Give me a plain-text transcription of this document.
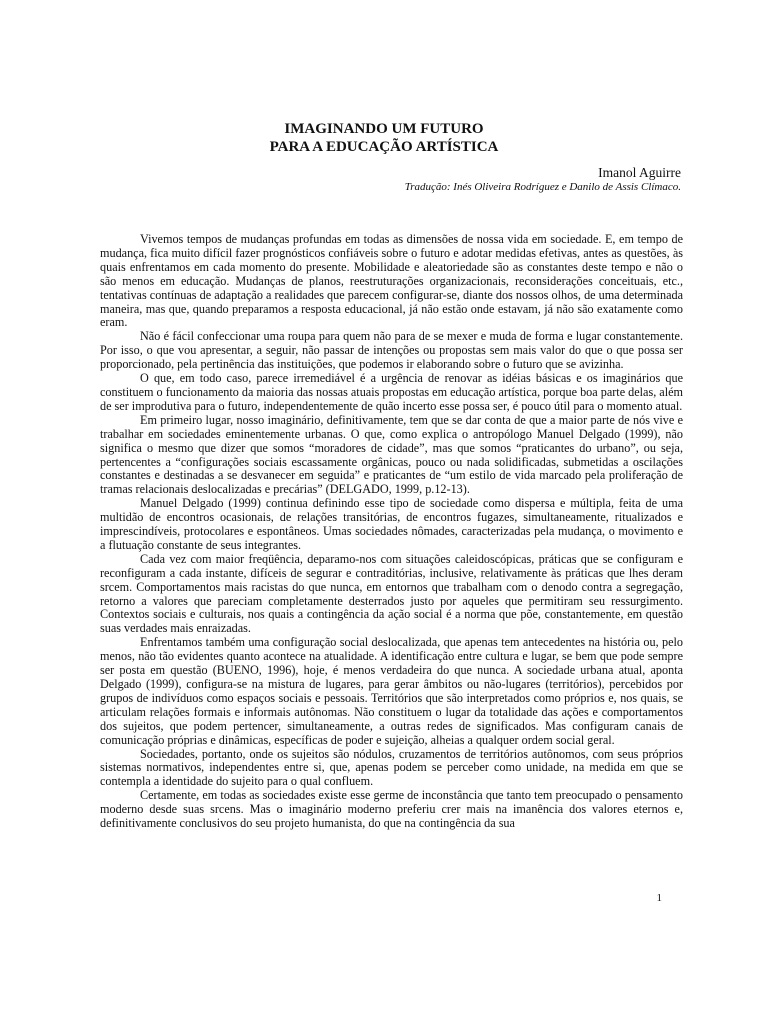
IMAGINANDO UM FUTURO
PARA A EDUCAÇÃO ARTÍSTICA
Imanol Aguirre
Tradução: Inés Oliveira Rodríguez e Danilo de Assis Clímaco.

Vivemos tempos de mudanças profundas em todas as dimensões de nossa vida em sociedade. E, em tempo de mudança, fica muito difícil fazer prognósticos confiáveis sobre o futuro e adotar medidas efetivas, antes as questões, às quais enfrentamos em cada momento do presente. Mobilidade e aleatoriedade são as constantes deste tempo e não o são menos em educação. Mudanças de planos, reestruturações organizacionais, reconsiderações conceituais, etc., tentativas contínuas de adaptação a realidades que parecem configurar-se, diante dos nossos olhos, de uma determinada maneira, mas que, quando preparamos a resposta educacional, já não estão onde estavam, já não são exatamente como eram.

Não é fácil confeccionar uma roupa para quem não para de se mexer e muda de forma e lugar constantemente. Por isso, o que vou apresentar, a seguir, não passar de intenções ou propostas sem mais valor do que o que possa ser proporcionado, pela pertinência das instituições, que podemos ir elaborando sobre o futuro que se avizinha.

O que, em todo caso, parece irremediável é a urgência de renovar as idéias básicas e os imaginários que constituem o funcionamento da maioria das nossas atuais propostas em educação artística, porque boa parte delas, além de ser improdutiva para o futuro, independentemente de quão incerto esse possa ser, é pouco útil para o momento atual.

Em primeiro lugar, nosso imaginário, definitivamente, tem que se dar conta de que a maior parte de nós vive e trabalhar em sociedades eminentemente urbanas. O que, como explica o antropólogo Manuel Delgado (1999), não significa o mesmo que dizer que somos “moradores de cidade”, mas que somos “praticantes do urbano”, ou seja, pertencentes a “configurações sociais escassamente orgânicas, pouco ou nada solidificadas, submetidas a oscilações constantes e destinadas a se desvanecer em seguida” e praticantes de “um estilo de vida marcado pela proliferação de tramas relacionais deslocalizadas e precárias” (DELGADO, 1999, p.12-13).

Manuel Delgado (1999) continua definindo esse tipo de sociedade como dispersa e múltipla, feita de uma multidão de encontros ocasionais, de relações transitórias, de encontros fugazes, simultaneamente, ritualizados e imprescindíveis, protocolares e espontâneos. Umas sociedades nômades, caracterizadas pela mudança, o movimento e a flutuação constante de seus integrantes.

Cada vez com maior freqüência, deparamo-nos com situações caleidoscópicas, práticas que se configuram e reconfiguram a cada instante, difíceis de segurar e contraditórias, inclusive, relativamente às práticas que lhes deram srcem. Comportamentos mais racistas do que nunca, em entornos que trabalham com o denodo contra a segregação, retorno a valores que pareciam completamente desterrados justo por aqueles que permitiram seu ressurgimento. Contextos sociais e culturais, nos quais a contingência da ação social é a norma que põe, constantemente, em questão suas verdades mais enraizadas.

Enfrentamos também uma configuração social deslocalizada, que apenas tem antecedentes na história ou, pelo menos, não tão evidentes quanto acontece na atualidade. A identificação entre cultura e lugar, se bem que pode sempre ser posta em questão (BUENO, 1996), hoje, é menos verdadeira do que nunca. A sociedade urbana atual, aponta Delgado (1999), configura-se na mistura de lugares, para gerar âmbitos ou não-lugares (territórios), percebidos por grupos de indivíduos como espaços sociais e pessoais. Territórios que são interpretados como próprios e, nos quais, se articulam relações formais e informais autônomas. Não constituem o lugar da totalidade das ações e comportamentos dos sujeitos, que podem pertencer, simultaneamente, a outras redes de significados. Mas configuram canais de comunicação próprias e dinâmicas, específicas de poder e sujeição, alheias a qualquer ordem social geral.

Sociedades, portanto, onde os sujeitos são nódulos, cruzamentos de territórios autônomos, com seus próprios sistemas normativos, independentes entre si, que, apenas podem se perceber como unidade, na medida em que se contempla a identidade do sujeito para o qual confluem.

Certamente, em todas as sociedades existe esse germe de inconstância que tanto tem preocupado o pensamento moderno desde suas srcens. Mas o imaginário moderno preferiu crer mais na imanência dos valores eternos e, definitivamente conclusivos do seu projeto humanista, do que na contingência da sua

1
